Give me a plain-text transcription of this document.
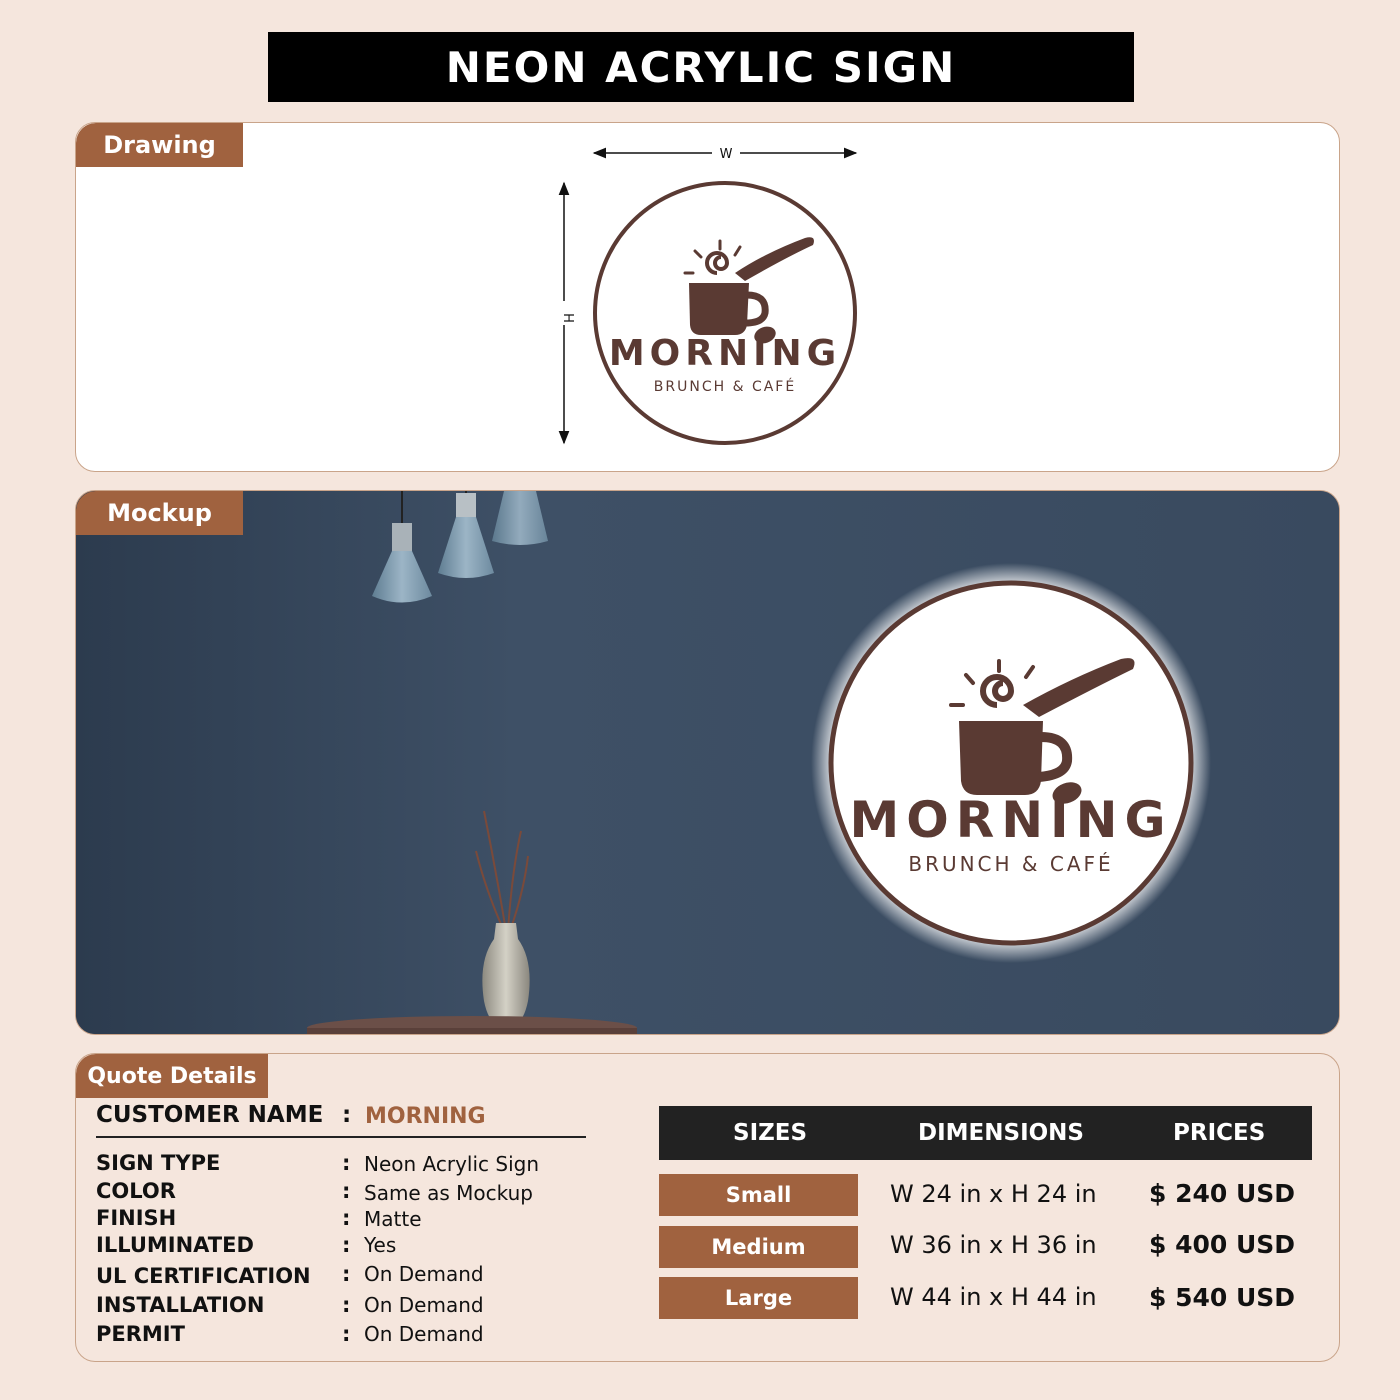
NEON ACRYLIC SIGN
Drawing	W
H
MORNING
BRUNCH & CAFÉ
Mockup
MORNING
BRUNCH & CAFÉ
Quote Details
CUSTOMER NAME : MORNING
SIGN TYPE	: Neon Acrylic Sign
COLOR	: Same as Mockup
FINISH	: Matte
ILLUMINATED	: Yes
UL CERTIFICATION : On Demand
INSTALLATION	: On Demand
PERMIT	: On Demand
SIZES	DIMENSIONS	PRICES
Small	W 24 in x H 24 in $ 240 USD
Medium	W 36 in x H 36 in $ 400 USD
Large	W 44 in x H 44 in $ 540 USD
